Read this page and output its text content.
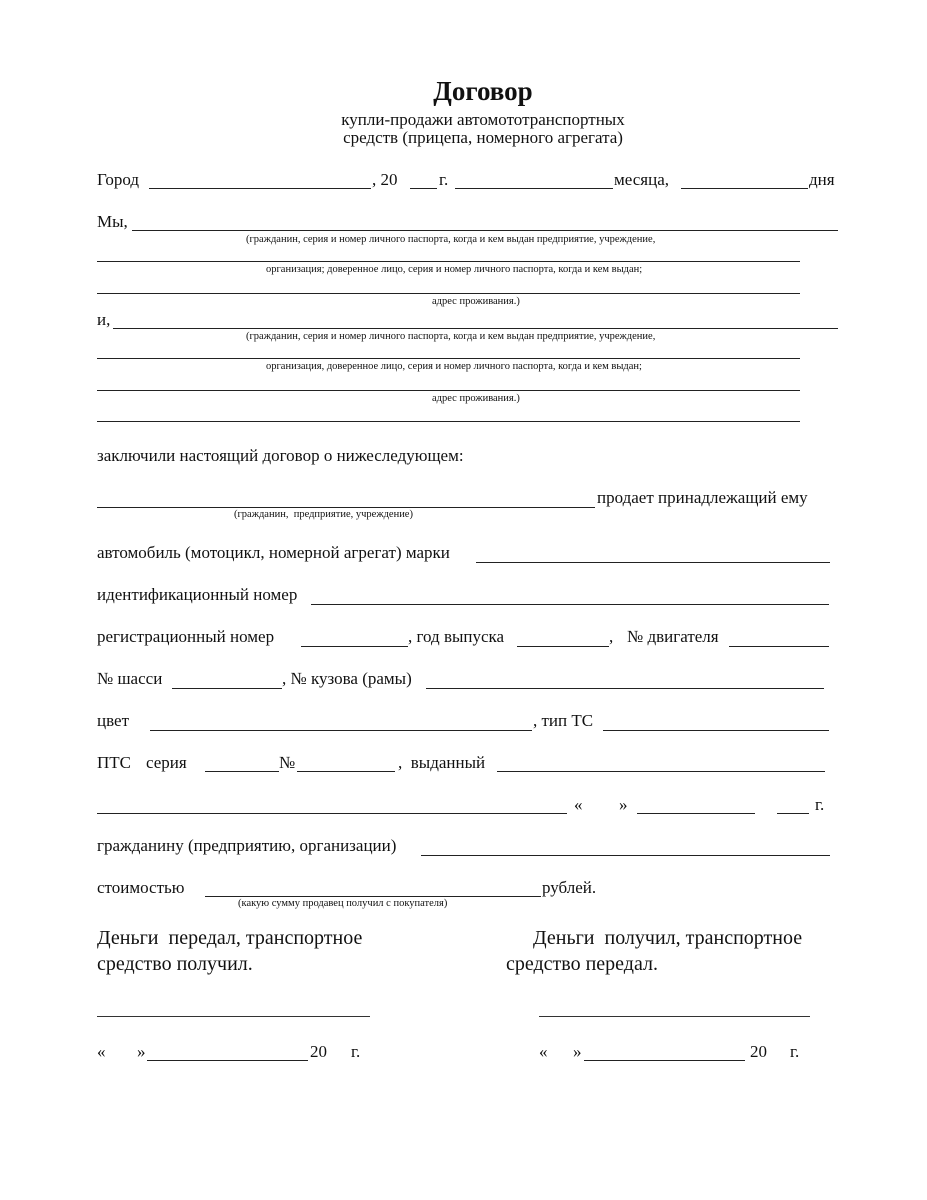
Договор
купли-продажи автомототранспортных
средств (прицепа, номерного агрегата)
Город	, 20 г.	месяца,	дня
Мы,
(гражданин, серия и номер личного паспорта, когда и кем выдан предприятие, учреждение,
организация; доверенное лицо, серия и номер личного паспорта, когда и кем выдан;
адрес проживания.)
и,
(гражданин, серия и номер личного паспорта, когда и кем выдан предприятие, учреждение,
организация, доверенное лицо, серия и номер личного паспорта, когда и кем выдан;
адрес проживания.)
заключили настоящий договор о нижеследующем:
продает принадлежащий ему
(гражданин,  предприятие, учреждение)
автомобиль (мотоцикл, номерной агрегат) марки
идентификационный номер
регистрационный номер	, год выпуска	, № двигателя
№ шасси	, № кузова (рамы)
цвет	, тип ТС
ПТС серия	№	,  выданный
« »	г.
гражданину (предприятию, организации)
стоимостью	рублей.
(какую сумму продавец получил с покупателя)
Деньги  передал, транспортное
средство получил.
Деньги  получил, транспортное
средство передал.
« »	20 г.	« »	20 г.
